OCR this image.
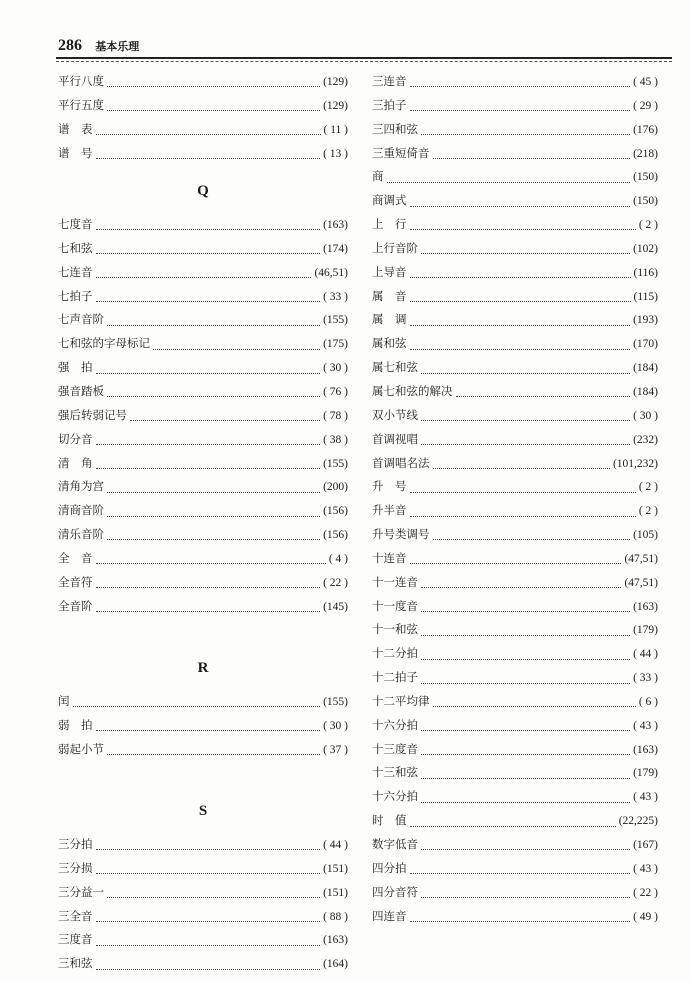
286 基本乐理
平行八度	(129)
平行五度	(129)
谱　表	( 11 )
谱　号	( 13 )
Q
七度音	(163)
七和弦	(174)
七连音	(46,51)
七拍子	( 33 )
七声音阶	(155)
七和弦的字母标记	(175)
强　拍	( 30 )
强音踏板	( 76 )
强后转弱记号	( 78 )
切分音	( 38 )
清　角	(155)
清角为宫	(200)
清商音阶	(156)
清乐音阶	(156)
全　音	( 4 )
全音符	( 22 )
全音阶	(145)
R
闰	(155)
弱　拍	( 30 )
弱起小节	( 37 )
S
三分拍	( 44 )
三分损	(151)
三分益一	(151)
三全音	( 88 )
三度音	(163)
三和弦	(164)
三连音	( 45 )
三拍子	( 29 )
三四和弦	(176)
三重短倚音	(218)
商	(150)
商调式	(150)
上　行	( 2 )
上行音阶	(102)
上导音	(116)
属　音	(115)
属　调	(193)
属和弦	(170)
属七和弦	(184)
属七和弦的解决	(184)
双小节线	( 30 )
首调视唱	(232)
首调唱名法	(101,232)
升　号	( 2 )
升半音	( 2 )
升号类调号	(105)
十连音	(47,51)
十一连音	(47,51)
十一度音	(163)
十一和弦	(179)
十二分拍	( 44 )
十二拍子	( 33 )
十二平均律	( 6 )
十六分拍	( 43 )
十三度音	(163)
十三和弦	(179)
十六分拍	( 43 )
时　值	(22,225)
数字低音	(167)
四分拍	( 43 )
四分音符	( 22 )
四连音	( 49 )
